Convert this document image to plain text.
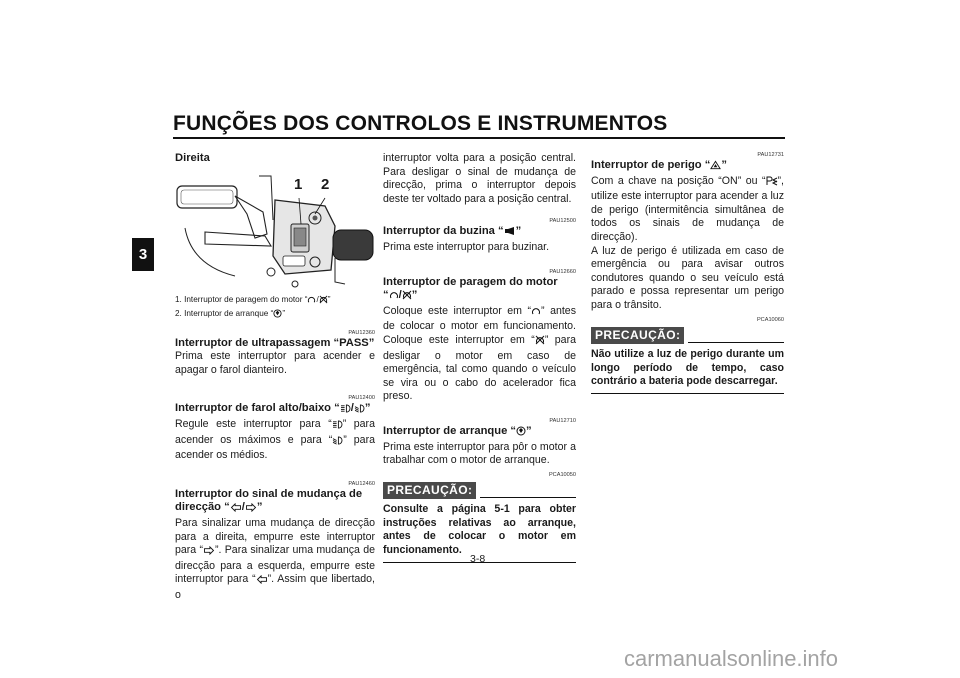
FUNÇÕES DOS CONTROLOS E INSTRUMENTOS
3
Direita
1 2
1. Interruptor de paragem do motor “ / ”
2. Interruptor de arranque “ ”
PAU12360
Interruptor de ultrapassagem “PASS”

Prima este interruptor para acender e apagar o farol dianteiro.

PAU12400
Interruptor de farol alto/baixo “ / ”

Regule este interruptor para “ ” para acender os máximos e para “ ” para acender os médios.

PAU12460
Interruptor do sinal de mudança de direcção “ / ”

Para sinalizar uma mudança de direcção para a direita, empurre este interruptor para “ ”. Para sinalizar uma mudança de direcção para a esquerda, empurre este interruptor para “ ”. Assim que libertado, o

interruptor volta para a posição central. Para desligar o sinal de mudança de direcção, prima o interruptor depois deste ter voltado para a posição central.

PAU12500
Interruptor da buzina “ ”

Prima este interruptor para buzinar.

PAU12660
Interruptor de paragem do motor
“ / ”

Coloque este interruptor em “ ” antes de colocar o motor em funcionamento. Coloque este interruptor em “ ” para desligar o motor em caso de emergência, tal como quando o veículo se vira ou o cabo do acelerador fica preso.

PAU12710
Interruptor de arranque “ ”

Prima este interruptor para pôr o motor a trabalhar com o motor de arranque.

PCA10050
PRECAUÇÃO:
Consulte a página 5-1 para obter instruções relativas ao arranque, antes de colocar o motor em funcionamento.
PAU12731
Interruptor de perigo “ ”

Com a chave na posição “ON” ou “ ”, utilize este interruptor para acender a luz de perigo (intermitência simultânea de todos os sinais de mudança de direcção).

A luz de perigo é utilizada em caso de emergência ou para avisar outros condutores quando o seu veículo está parado e possa representar um perigo para o trânsito.

PCA10060
PRECAUÇÃO:
Não utilize a luz de perigo durante um longo período de tempo, caso contrário a bateria pode descarregar.
3-8
carmanualsonline.info
